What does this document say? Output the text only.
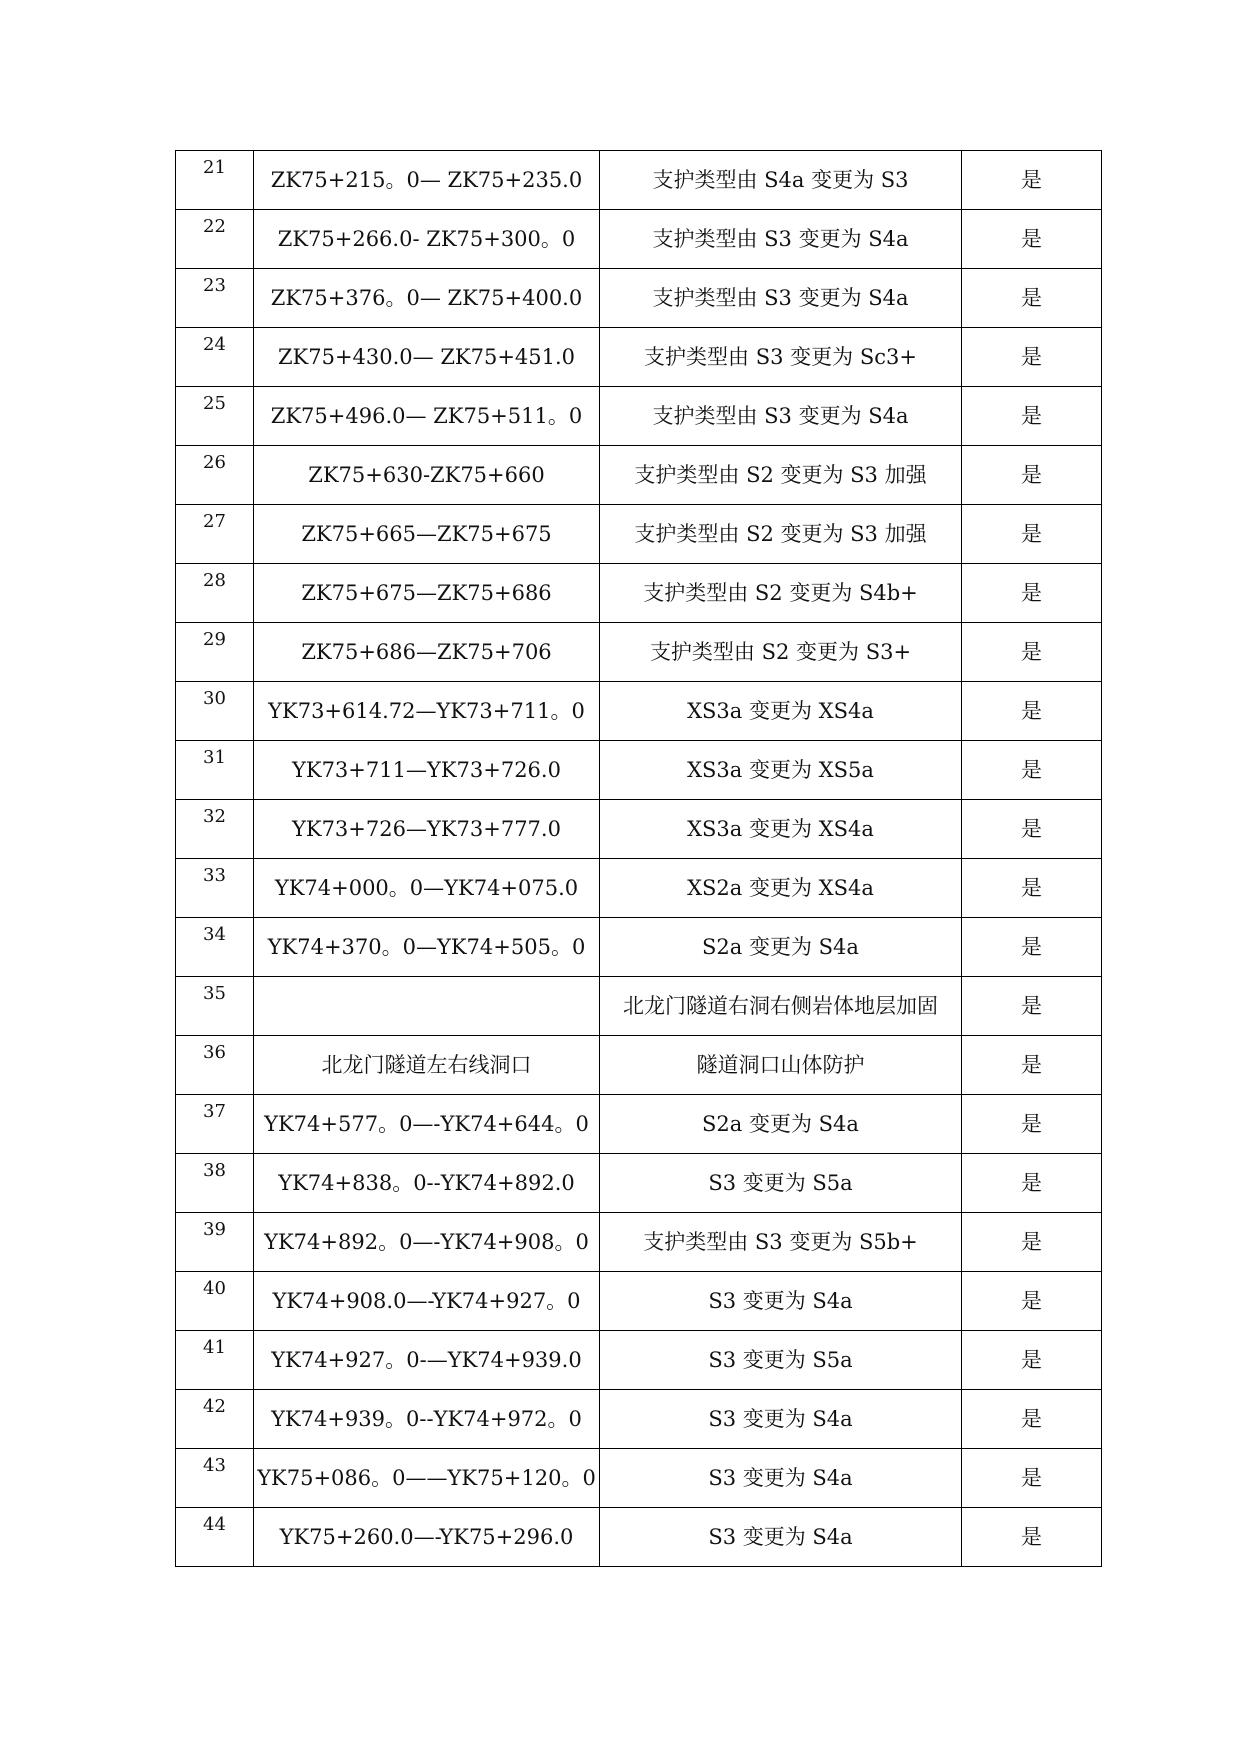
21	ZK75+215。0— ZK75+235.0	支护类型由 S4a 变更为 S3	是
22	ZK75+266.0- ZK75+300。0	支护类型由 S3 变更为 S4a	是
23	ZK75+376。0— ZK75+400.0	支护类型由 S3 变更为 S4a	是
24	ZK75+430.0— ZK75+451.0	支护类型由 S3 变更为 Sc3+	是
25	ZK75+496.0— ZK75+511。0	支护类型由 S3 变更为 S4a	是
26	ZK75+630-ZK75+660	支护类型由 S2 变更为 S3 加强	是
27	ZK75+665—ZK75+675	支护类型由 S2 变更为 S3 加强	是
28	ZK75+675—ZK75+686	支护类型由 S2 变更为 S4b+	是
29	ZK75+686—ZK75+706	支护类型由 S2 变更为 S3+	是
30	YK73+614.72—YK73+711。0	XS3a 变更为 XS4a	是
31	YK73+711—YK73+726.0	XS3a 变更为 XS5a	是
32	YK73+726—YK73+777.0	XS3a 变更为 XS4a	是
33	YK74+000。0—YK74+075.0	XS2a 变更为 XS4a	是
34	YK74+370。0—YK74+505。0	S2a 变更为 S4a	是
35		北龙门隧道右洞右侧岩体地层加固	是
36	北龙门隧道左右线洞口	隧道洞口山体防护	是
37	YK74+577。0—-YK74+644。0	S2a 变更为 S4a	是
38	YK74+838。0--YK74+892.0	S3 变更为 S5a	是
39	YK74+892。0—-YK74+908。0	支护类型由 S3 变更为 S5b+	是
40	YK74+908.0—-YK74+927。0	S3 变更为 S4a	是
41	YK74+927。0-—YK74+939.0	S3 变更为 S5a	是
42	YK74+939。0--YK74+972。0	S3 变更为 S4a	是
43	YK75+086。0——YK75+120。0	S3 变更为 S4a	是
44	YK75+260.0—-YK75+296.0	S3 变更为 S4a	是
